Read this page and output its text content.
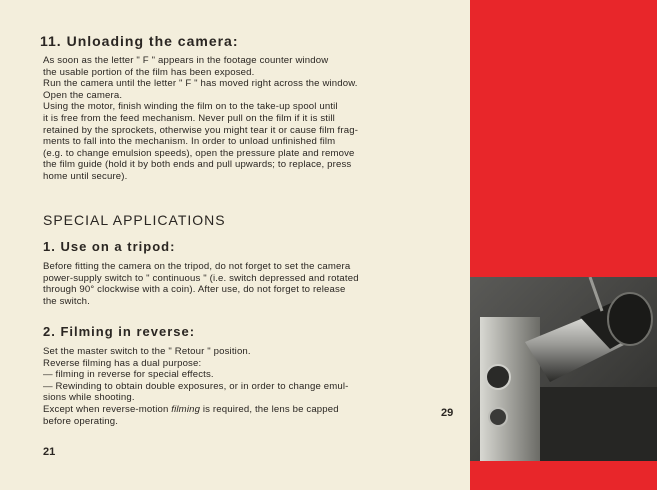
11. Unloading the camera:
As soon as the letter " F " appears in the footage counter window
the usable portion of the film has been exposed.
Run the camera until the letter " F " has moved right across the window.
Open the camera.
Using the motor, finish winding the film on to the take-up spool until
it is free from the feed mechanism. Never pull on the film if it is still
retained by the sprockets, otherwise you might tear it or cause film frag-
ments to fall into the mechanism. In order to unload unfinished film
(e.g. to change emulsion speeds), open the pressure plate and remove
the film guide (hold it by both ends and pull upwards; to replace, press
home until secure).
SPECIAL APPLICATIONS
1. Use on a tripod:
Before fitting the camera on the tripod, do not forget to set the camera
power-supply switch to " continuous " (i.e. switch depressed and rotated
through 90° clockwise with a coin). After use, do not forget to release
the switch.
2. Filming in reverse:
Set the master switch to the " Retour " position.
Reverse filming has a dual purpose:
— filming in reverse for special effects.
— Rewinding to obtain double exposures, or in order to change emul-
sions while shooting.
Except when reverse-motion filming is required, the lens be capped
before operating.
21
29
